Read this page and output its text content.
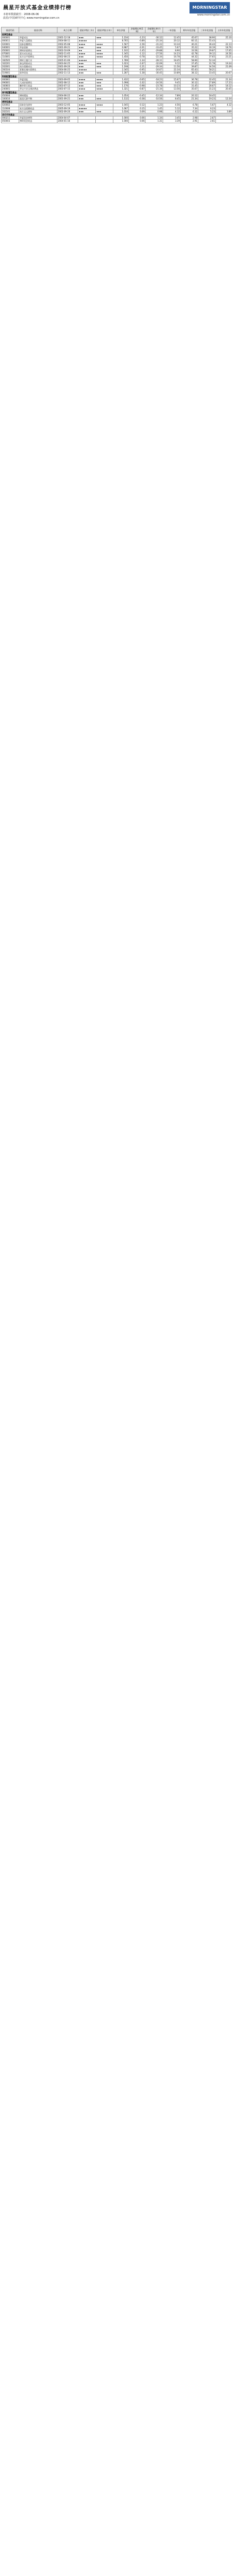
晨星开放式基金业绩排行榜	MORNINGSTAR
www.morningstar.com.cn
本榜单数据截至：2008-06-06
晨星(中国)研究中心 www.morningstar.com.cn
基金代码	基金名称	成立日期	晨星评级(三年)	晨星评级(五年)	单位净值	净值增长率(1周)	净值增长率(今年)	一年回报	两年年化回报	三年年化回报	五年年化回报
股票型基金											
000001	华夏成长	2001-12-18	★★★	★★★	1.234	-1.23	-30.12	12.45	45.67	38.90	25.10
000011	华夏大盘精选	2004-08-11	★★★★★		8.765	-0.89	-25.34	20.12	60.11	55.43	
020001	国泰金鹰增长	2002-05-08	★★★★	★★★★	1.567	-1.56	-31.22	10.34	40.21	36.44	22.13
040001	华安创新	2001-09-21	★★★	★★★	0.987	-2.01	-33.45	5.67	35.22	30.19	18.76
050001	博时价值增长	2002-10-09	★★	★★★	1.102	-1.45	-29.88	8.90	33.56	29.87	17.65
070001	嘉实成长收益	2002-11-05	★★★★	★★★★	1.345	-1.12	-27.56	14.23	42.78	39.12	24.56
110001	易方达平稳增长	2002-08-23	★★★	★★★★	1.456	-0.78	-22.34	16.78	44.32	37.65	23.21
160505	博时主题行业	2005-01-06	★★★★★		1.789	-1.34	-28.11	18.45	58.90	52.34	
162201	泰达荷银成长	2003-04-25	★★★	★★★	1.023	-1.67	-32.09	9.12	37.45	31.78	19.34
202001	南方稳健成长	2001-09-20	★★★	★★★	1.198	-1.21	-29.34	11.56	39.87	34.56	21.09
260104	景顺长城内需增长	2004-06-25	★★★★★		2.345	-0.95	-24.67	22.34	65.43	58.21	
519001	银华优选	2002-11-13	★★★	★★★	1.287	-1.38	-30.45	10.89	38.12	33.45	20.67
积极配置型基金											
000061	华夏回报	2003-09-05	★★★★	★★★★	1.432	-0.65	-18.23	15.67	36.78	32.45	21.34
090001	大成价值增长	2002-08-12	★★★	★★★	1.098	-1.02	-24.56	9.45	30.12	27.89	17.23
160603	鹏华普天收益	2003-07-12	★★★	★★★	1.176	-0.98	-23.78	10.23	31.45	28.67	18.12
240001	华宝兴业宝康消费品	2003-07-15	★★★★	★★★★	1.321	-0.87	-21.34	13.56	35.67	31.23	20.45
保守配置型基金											
050004	博时精选	2004-06-22	★★★		1.054	-0.45	-12.34	7.89	20.12	18.45	
100016	富国天源平衡	2001-09-21	★★★	★★★	1.132	-0.38	-10.56	8.45	21.34	19.23	12.34
债券型基金											
020002	国泰金龙债券	2003-12-05	★★★★	★★★★	1.045	0.12	1.23	4.56	6.78	5.67	4.12
110008	易方达稳健收益	2005-09-19	★★★★★		1.067	0.15	1.45	5.12	7.34	6.23	
202101	南方宝元债券	2002-09-20	★★★	★★★	1.034	0.09	0.98	4.12	6.12	5.23	3.89
货币市场基金											
000211	华夏现金增利	2004-04-07			1.000	0.06	1.34	3.45	2.98	2.67	
050003	博时现金收益	2004-01-16			1.000	0.06	1.31	3.39	2.91	2.61	
